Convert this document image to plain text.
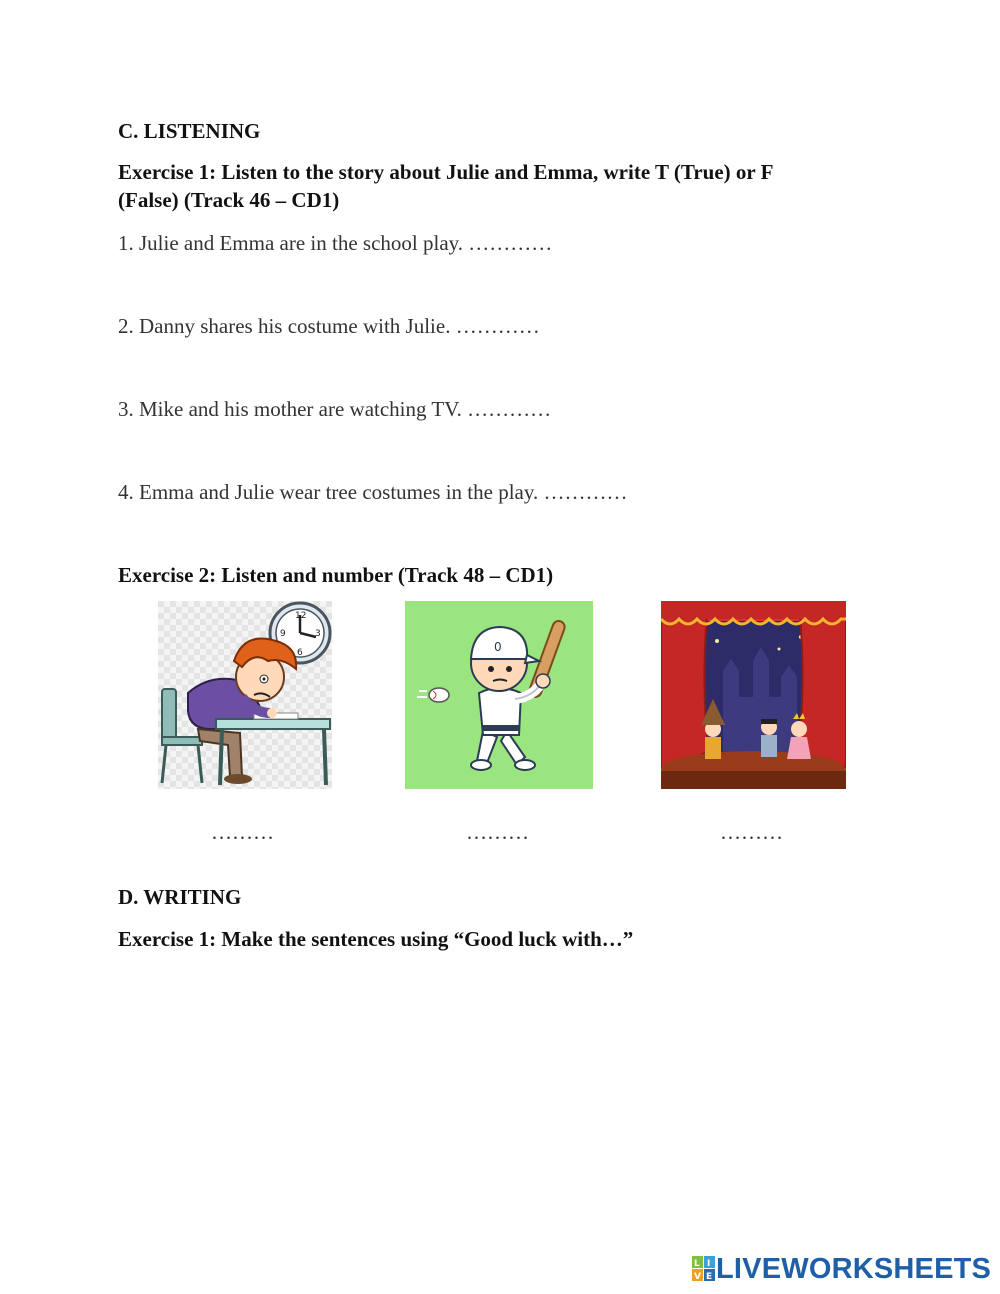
C. LISTENING
Exercise 1: Listen to the story about Julie and Emma, write T (True) or F
(False) (Track 46 – CD1)
1. Julie and Emma are in the school play. …………
2. Danny shares his costume with Julie. …………
3. Mike and his mother are watching TV. …………
4. Emma and Julie wear tree costumes in the play. …………
Exercise 2: Listen and number (Track 48 – CD1)
12
9	3
6	0
………	………	………
D. WRITING
Exercise 1: Make the sentences using “Good luck with…”
L I
V E LIVEWORKSHEETS
